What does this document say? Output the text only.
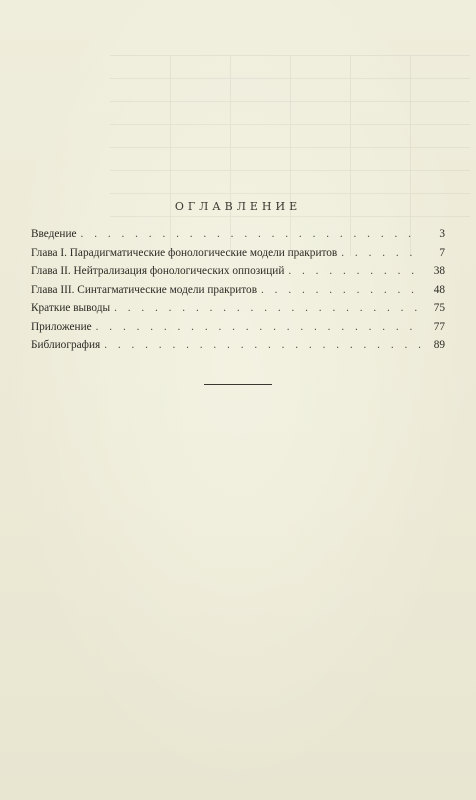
ОГЛАВЛЕНИЕ
Введение . . .	3
Глава I. Парадигматические фонологические модели пракритов . . .	7
Глава II. Нейтрализация фонологических оппозиций . . .	38
Глава III. Синтагматические модели пракритов . . .	48
Краткие выводы . . .	75
Приложение . . .	77
Библиография . . .	89
